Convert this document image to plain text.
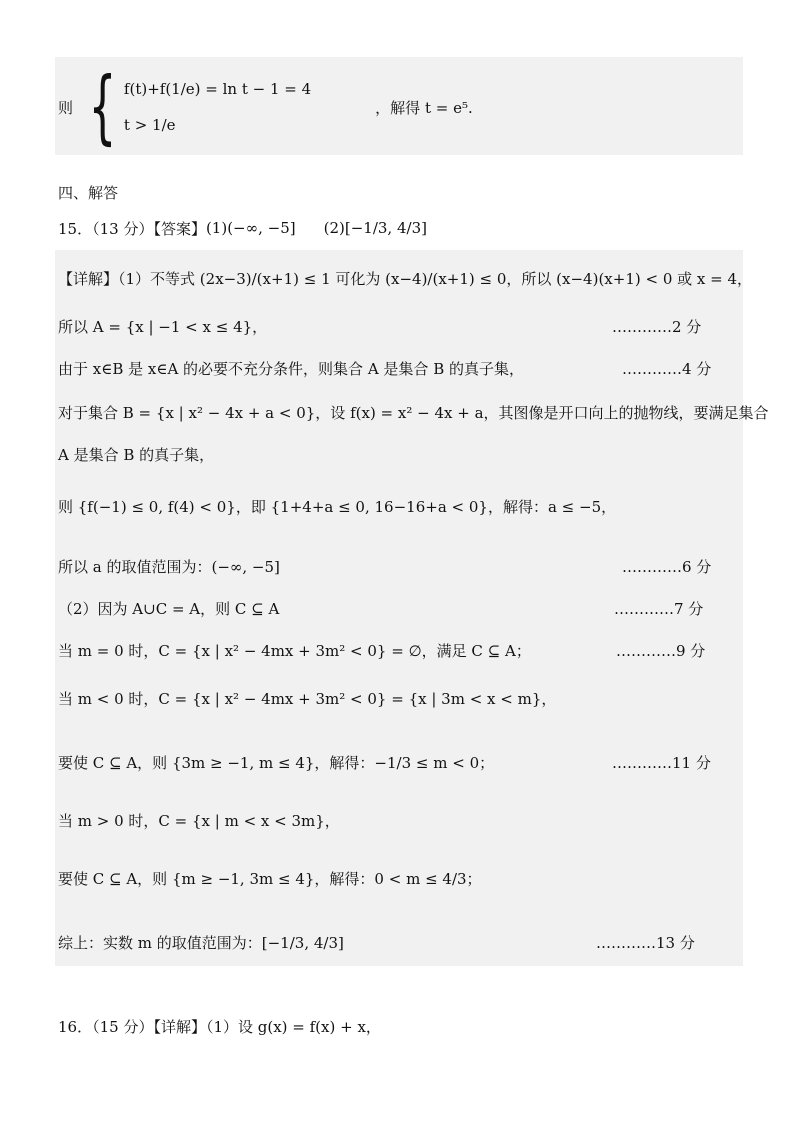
则 { f(t)+f(1/e) = ln t − 1 = 4
t > 1/e
，解得 t = e⁵.
四、解答
15．（13 分）【答案】 (1)(−∞, −5] (2)[−1/3, 4/3]
【详解】（1）不等式 (2x−3)/(x+1) ≤ 1 可化为 (x−4)/(x+1) ≤ 0，所以 (x−4)(x+1) < 0 或 x = 4，
所以 A = {x | −1 < x ≤ 4}，	…………2 分
由于 x∈B 是 x∈A 的必要不充分条件，则集合 A 是集合 B 的真子集，	…………4 分
对于集合 B = {x | x² − 4x + a < 0}，设 f(x) = x² − 4x + a，其图像是开口向上的抛物线，要满足集合
A 是集合 B 的真子集，
则 {f(−1) ≤ 0, f(4) < 0}，即 {1+4+a ≤ 0, 16−16+a < 0}，解得：a ≤ −5，
所以 a 的取值范围为：(−∞, −5]	…………6 分
（2）因为 A∪C = A，则 C ⊆ A	…………7 分
当 m = 0 时，C = {x | x² − 4mx + 3m² < 0} = ∅，满足 C ⊆ A；	…………9 分
当 m < 0 时，C = {x | x² − 4mx + 3m² < 0} = {x | 3m < x < m}，
要使 C ⊆ A，则 {3m ≥ −1, m ≤ 4}，解得：−1/3 ≤ m < 0；	…………11 分
当 m > 0 时，C = {x | m < x < 3m}，
要使 C ⊆ A，则 {m ≥ −1, 3m ≤ 4}，解得：0 < m ≤ 4/3；
综上：实数 m 的取值范围为：[−1/3, 4/3]	…………13 分
16．（15 分）【详解】（1）设 g(x) = f(x) + x，
